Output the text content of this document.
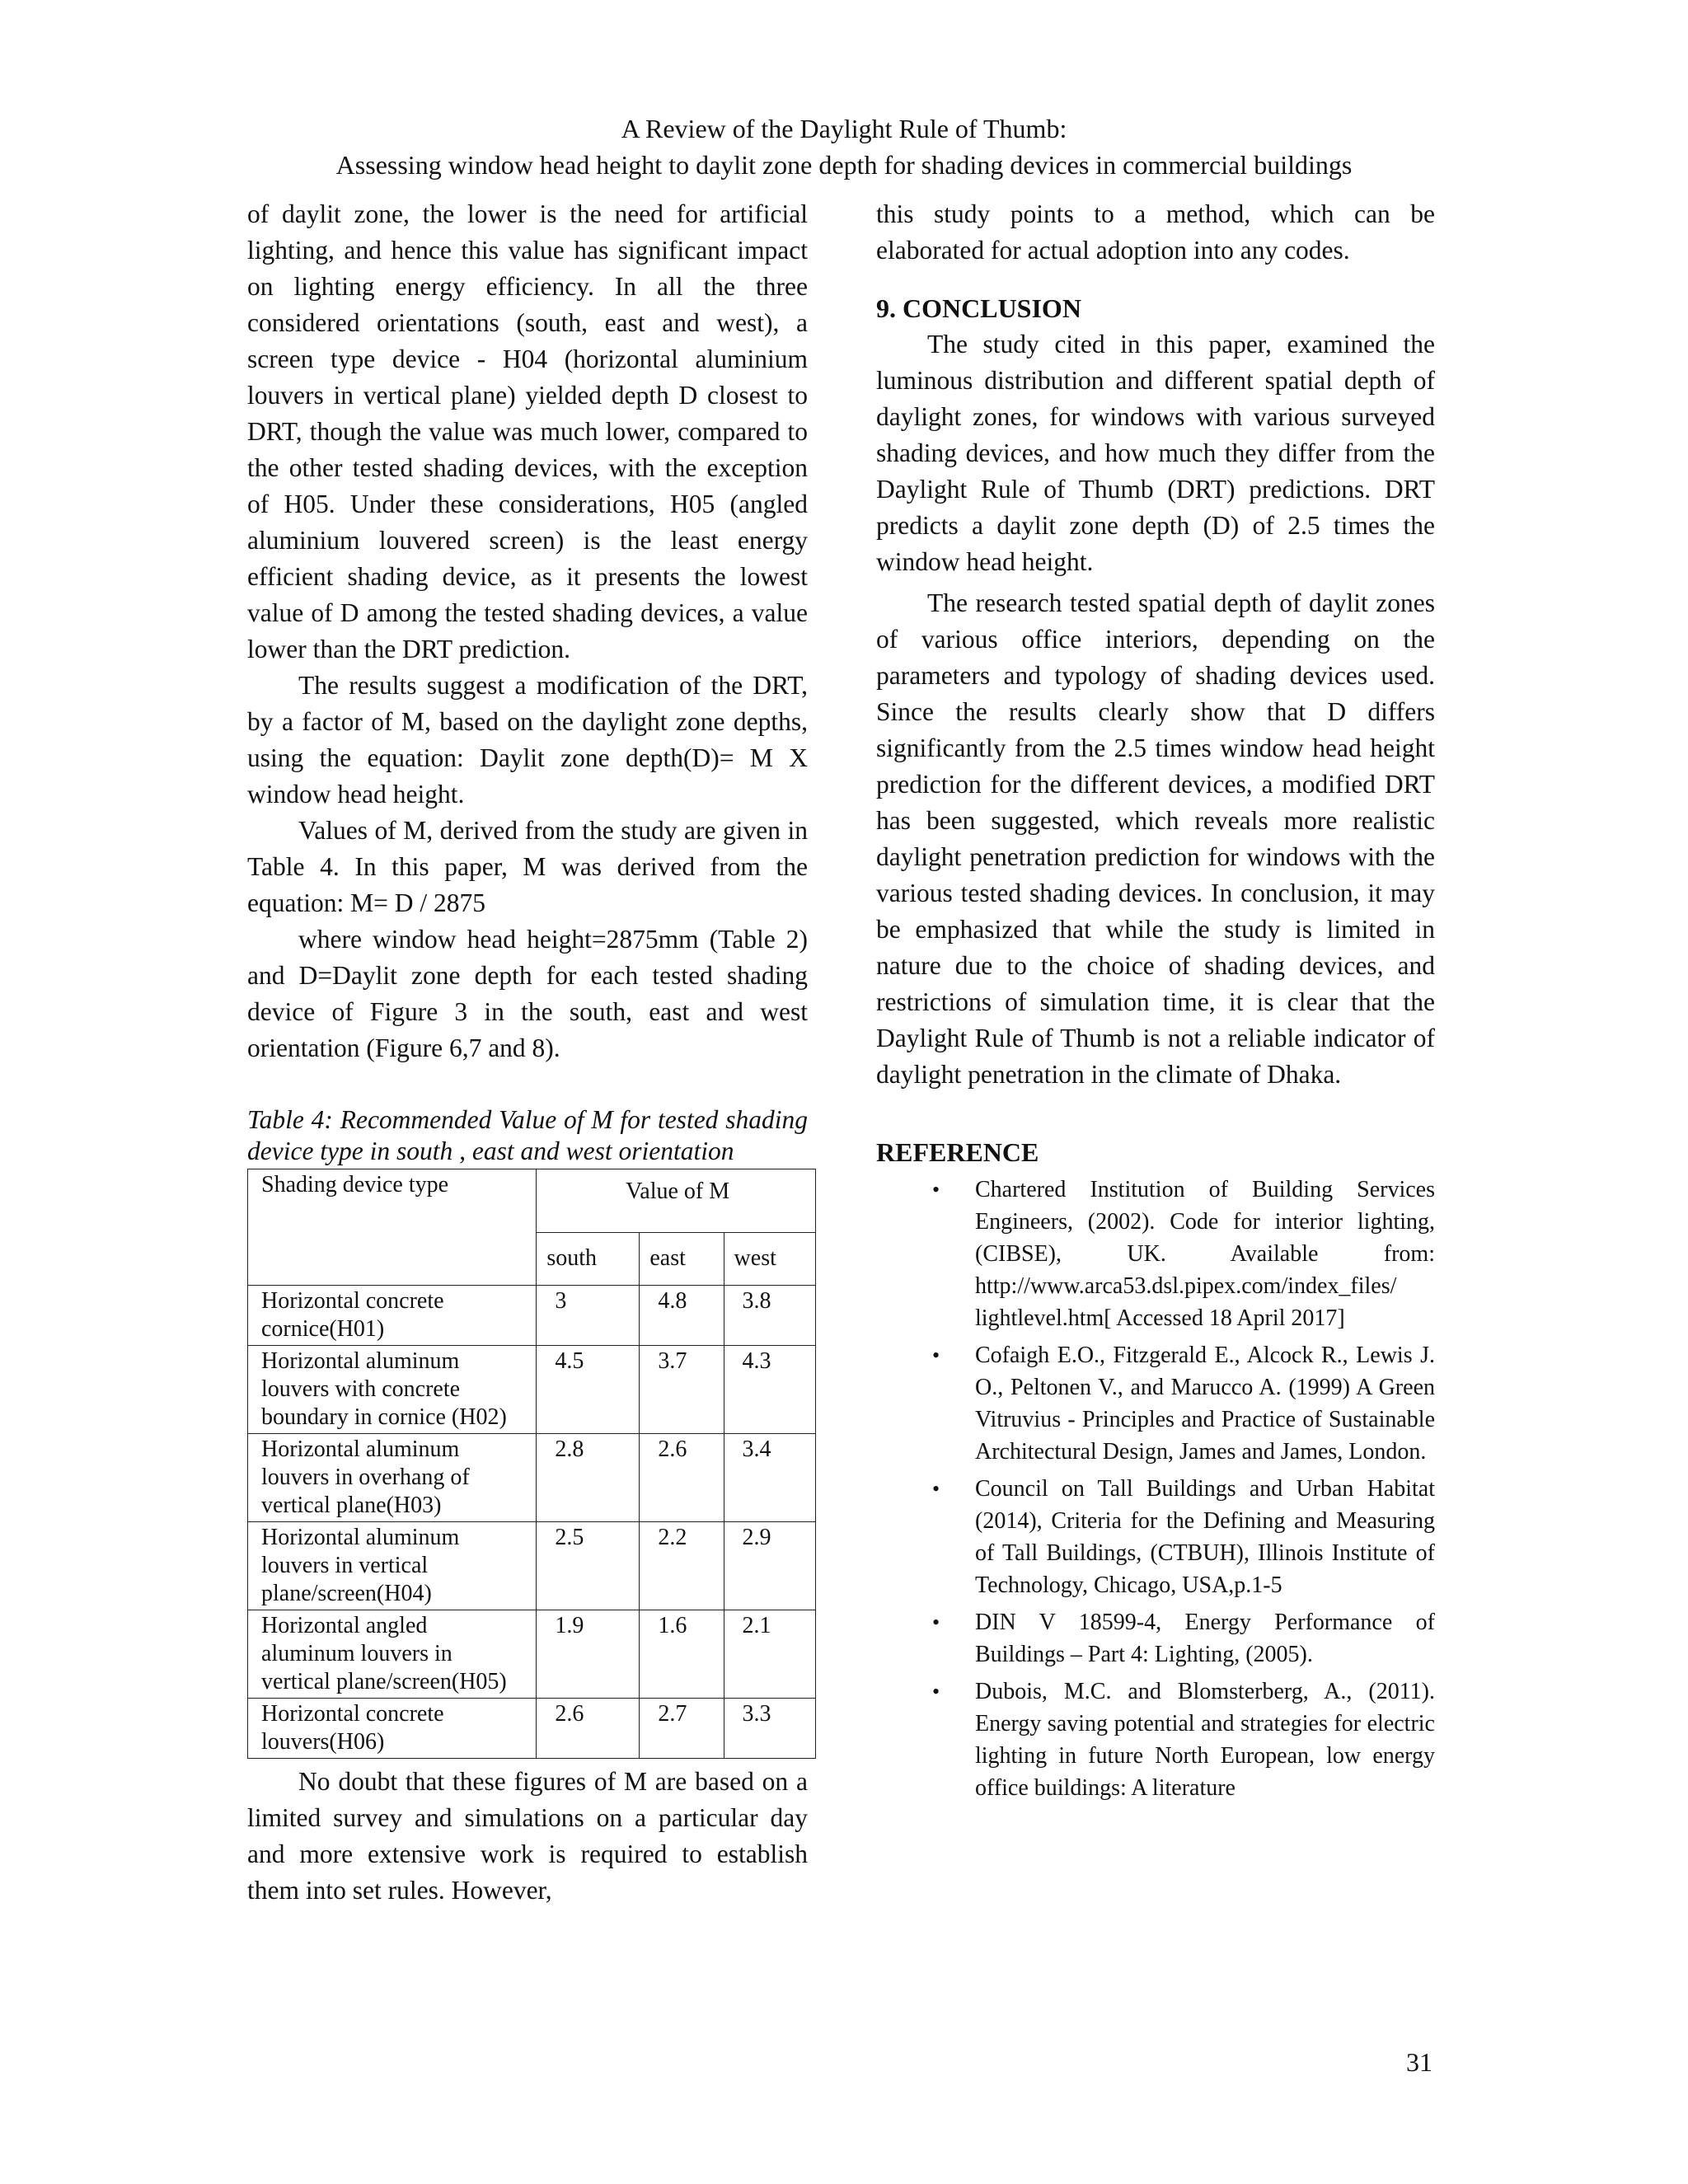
A Review of the Daylight Rule of Thumb:
Assessing window head height to daylit zone depth for shading devices in commercial buildings

of daylit zone, the lower is the need for artificial lighting, and hence this value has significant impact on lighting energy efficiency. In all the three considered orientations (south, east and west), a screen type device - H04 (horizontal aluminium louvers in vertical plane) yielded depth D closest to DRT, though the value was much lower, compared to the other tested shading devices, with the exception of H05. Under these considerations, H05 (angled aluminium louvered screen) is the least energy efficient shading device, as it presents the lowest value of D among the tested shading devices, a value lower than the DRT prediction.

The results suggest a modification of the DRT, by a factor of M, based on the daylight zone depths, using the equation: Daylit zone depth(D)= M X window head height.

Values of M, derived from the study are given in Table 4. In this paper, M was derived from the equation: M= D / 2875

where window head height=2875mm (Table 2) and D=Daylit zone depth for each tested shading device of Figure 3 in the south, east and west orientation (Figure 6,7 and 8).

Table 4: Recommended Value of M for tested shading device type in south , east and west orientation
Shading device type	Value of M		
	south	east	west
Horizontal concrete cornice(H01)	3	4.8	3.8
Horizontal aluminum louvers with concrete boundary in cornice (H02)	4.5	3.7	4.3
Horizontal aluminum louvers in overhang of vertical plane(H03)	2.8	2.6	3.4
Horizontal aluminum louvers in vertical plane/screen(H04)	2.5	2.2	2.9
Horizontal angled aluminum louvers in vertical plane/screen(H05)	1.9	1.6	2.1
Horizontal concrete louvers(H06)	2.6	2.7	3.3

No doubt that these figures of M are based on a limited survey and simulations on a particular day and more extensive work is required to establish them into set rules. However,

this study points to a method, which can be elaborated for actual adoption into any codes.

9. CONCLUSION

The study cited in this paper, examined the luminous distribution and different spatial depth of daylight zones, for windows with various surveyed shading devices, and how much they differ from the Daylight Rule of Thumb (DRT) predictions. DRT predicts a daylit zone depth (D) of 2.5 times the window head height.

The research tested spatial depth of daylit zones of various office interiors, depending on the parameters and typology of shading devices used. Since the results clearly show that D differs significantly from the 2.5 times window head height prediction for the different devices, a modified DRT has been suggested, which reveals more realistic daylight penetration prediction for windows with the various tested shading devices. In conclusion, it may be emphasized that while the study is limited in nature due to the choice of shading devices, and restrictions of simulation time, it is clear that the Daylight Rule of Thumb is not a reliable indicator of daylight penetration in the climate of Dhaka.

REFERENCE
• Chartered Institution of Building Services Engineers, (2002). Code for interior lighting, (CIBSE), UK. Available from: http://www.arca53.dsl.pipex.com/index_files/ lightlevel.htm[ Accessed 18 April 2017]
• Cofaigh E.O., Fitzgerald E., Alcock R., Lewis J. O., Peltonen V., and Marucco A. (1999) A Green Vitruvius - Principles and Practice of Sustainable Architectural Design, James and James, London.
• Council on Tall Buildings and Urban Habitat (2014), Criteria for the Defining and Measuring of Tall Buildings, (CTBUH), Illinois Institute of Technology, Chicago, USA,p.1-5
• DIN V 18599-4, Energy Performance of Buildings – Part 4: Lighting, (2005).
• Dubois, M.C. and Blomsterberg, A., (2011). Energy saving potential and strategies for electric lighting in future North European, low energy office buildings: A literature
31
